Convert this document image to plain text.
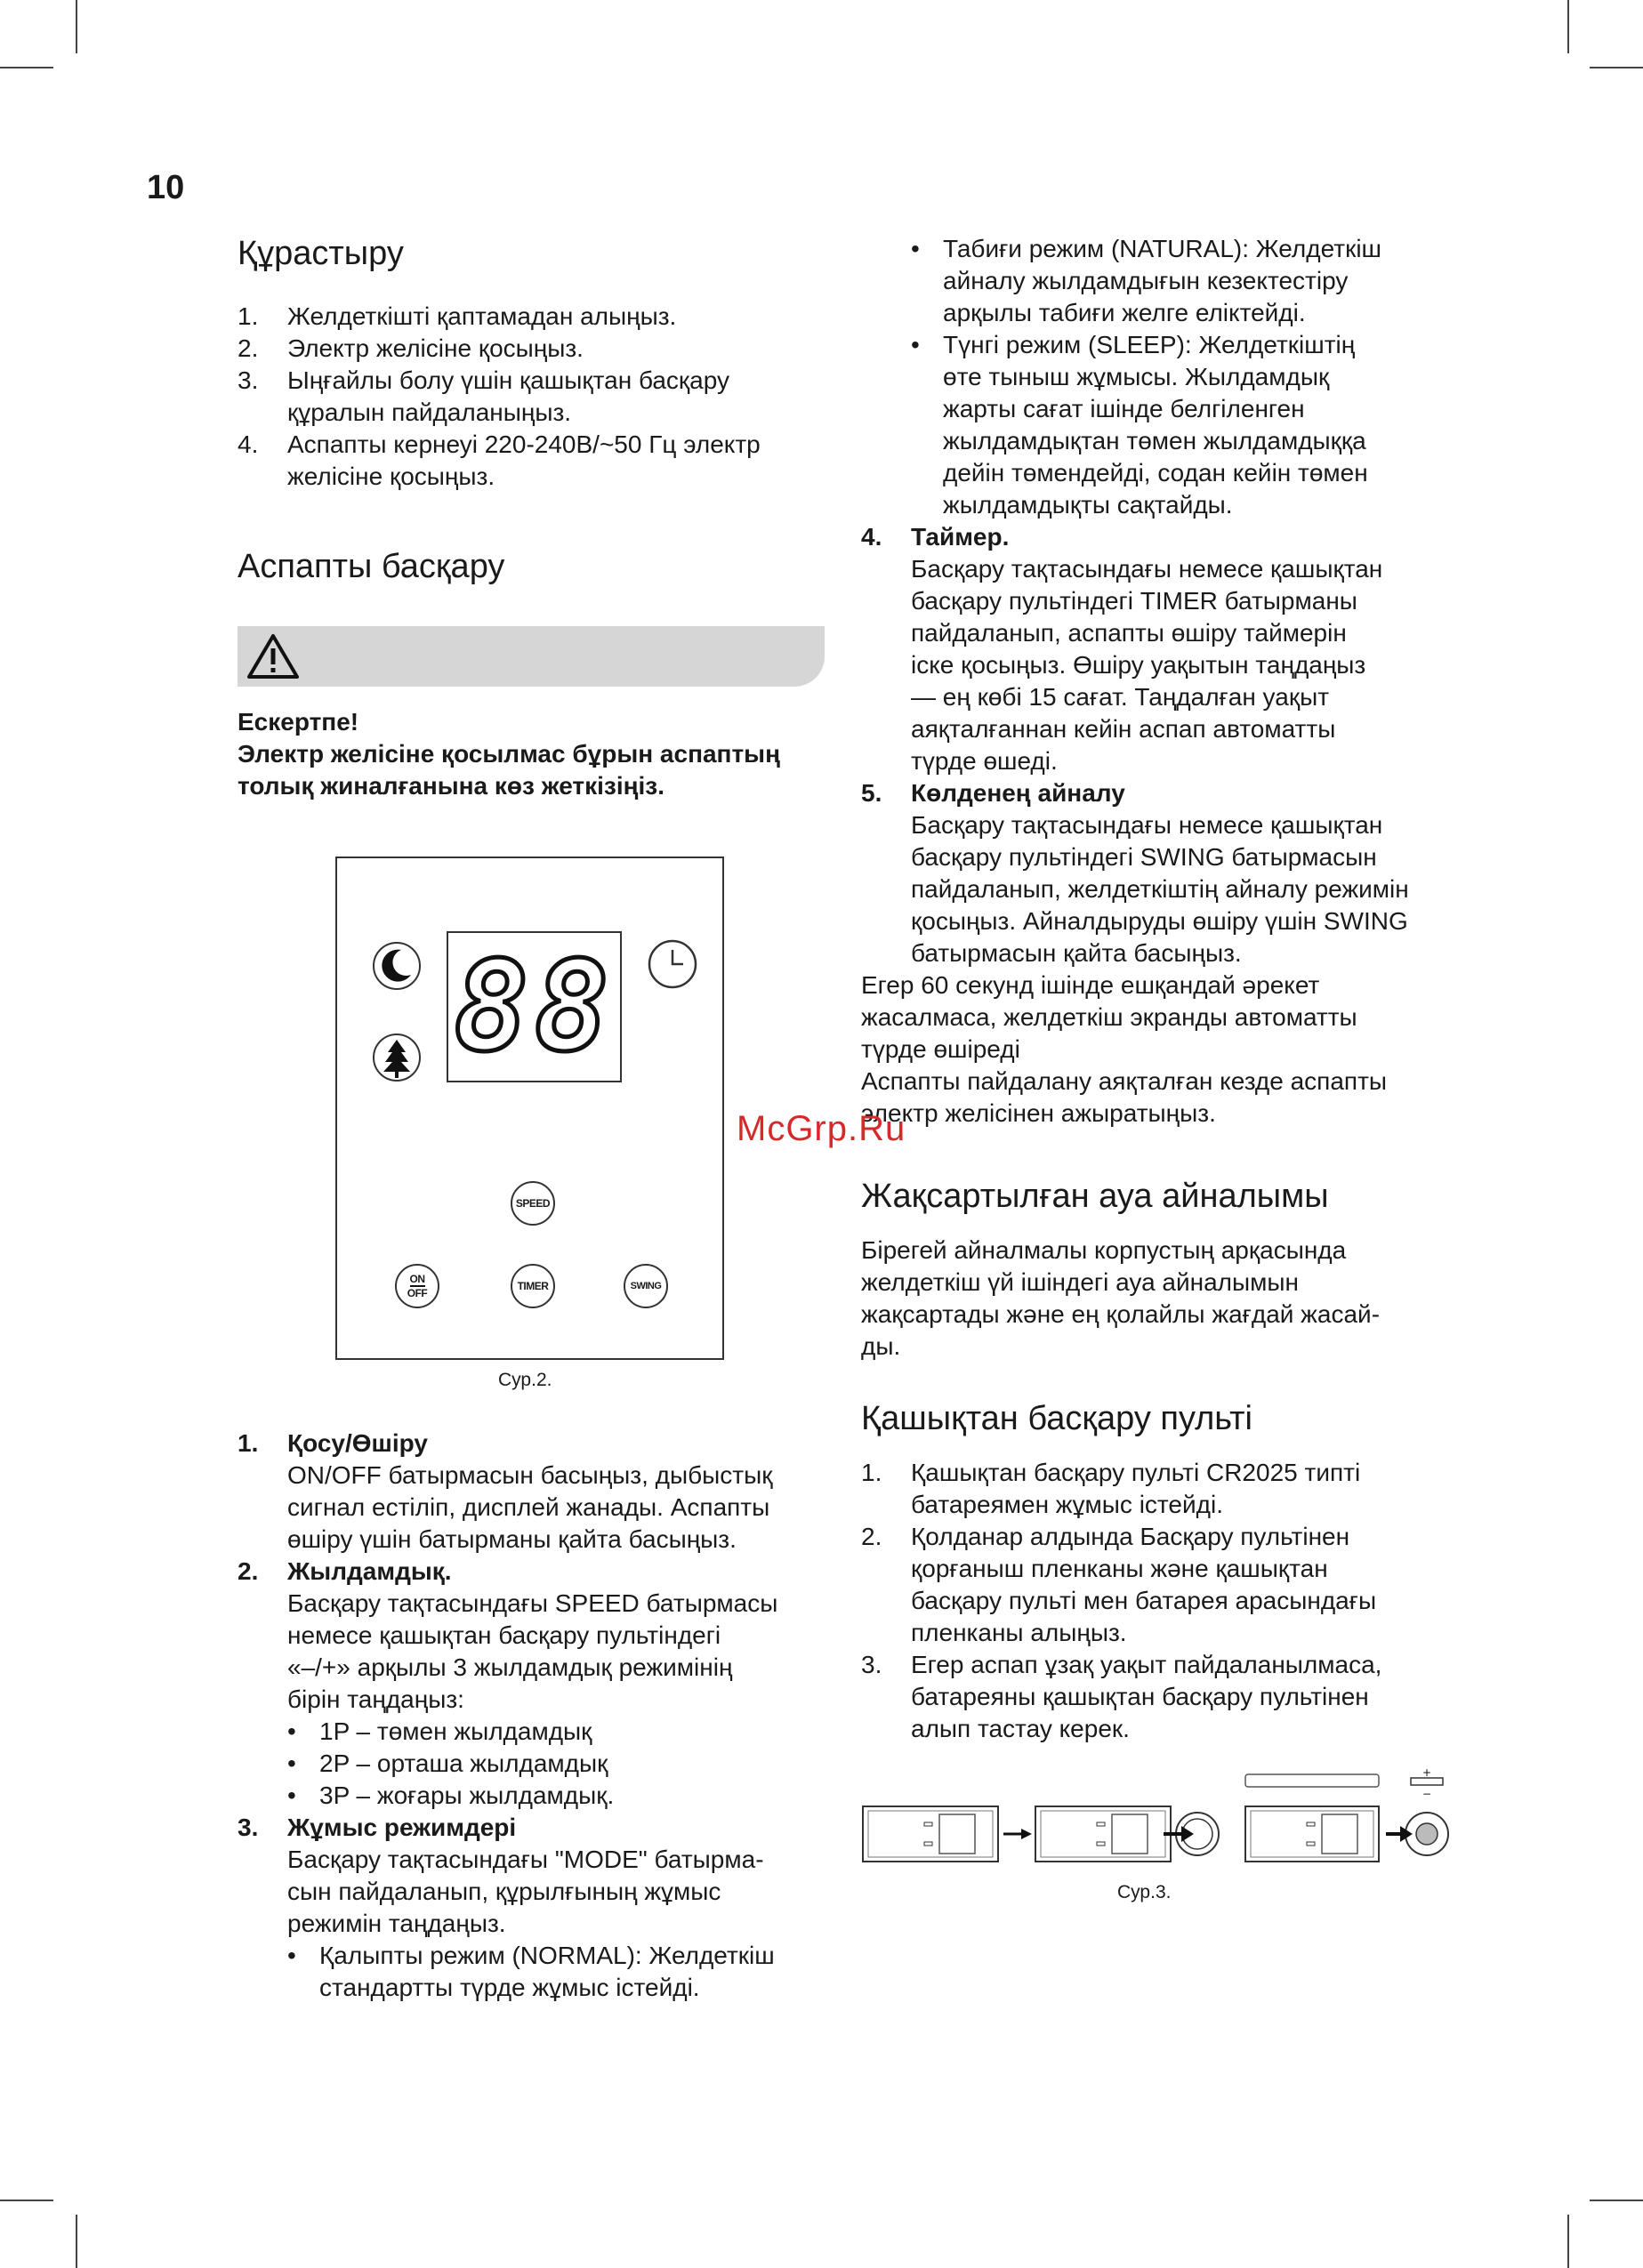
10
Құрастыру
1. Желдеткішті қаптамадан алыңыз.
2. Электр желісіне қосыңыз.
3. Ыңғайлы болу үшін қашықтан басқару
құралын пайдаланыңыз.
4. Аспапты кернеуі 220-240В/~50 Гц электр
желісіне қосыңыз.
Аспапты басқару
Ескертпе!
Электр желісіне қосылмас бұрын аспаптың
толық жиналғанына көз жеткізіңіз.
88
SPEED
ON
OFF
TIMER	SWING
Сур.2.
1. Қосу/Өшіру
ON/OFF батырмасын басыңыз, дыбыстық
сигнал естіліп, дисплей жанады. Аспапты
өшіру үшін батырманы қайта басыңыз.
2. Жылдамдық.
Басқару тақтасындағы SPEED батырмасы
немесе қашықтан басқару пультіндегі
«–/+» арқылы 3 жылдамдық режимінің
бірін таңдаңыз:
• 1P – төмен жылдамдық
• 2P – орташа жылдамдық
• 3P – жоғары жылдамдық.
3. Жұмыс режимдері
Басқару тақтасындағы "MODE" батырма-
сын пайдаланып, құрылғының жұмыс
режимін таңдаңыз.
• Қалыпты режим (NORMAL): Желдеткіш
стандартты түрде жұмыс істейді.
• Табиғи режим (NATURAL): Желдеткіш
айналу жылдамдығын кезектестіру
арқылы табиғи желге еліктейді.
• Түнгі режим (SLEEP): Желдеткіштің
өте тыныш жұмысы. Жылдамдық
жарты сағат ішінде белгіленген
жылдамдықтан төмен жылдамдыққа
дейін төмендейді, содан кейін төмен
жылдамдықты сақтайды.
4. Таймер.
Басқару тақтасындағы немесе қашықтан
басқару пультіндегі TIMER батырманы
пайдаланып, аспапты өшіру таймерін
іске қосыңыз. Өшіру уақытын таңдаңыз
— ең көбі 15 сағат. Таңдалған уақыт
аяқталғаннан кейін аспап автоматты
түрде өшеді.
5. Көлденең айналу
Басқару тақтасындағы немесе қашықтан
басқару пультіндегі SWING батырмасын
пайдаланып, желдеткіштің айналу режимін
қосыңыз. Айналдыруды өшіру үшін SWING
батырмасын қайта басыңыз.
Егер 60 секунд ішінде ешқандай әрекет
жасалмаса, желдеткіш экранды автоматты
түрде өшіреді
Аспапты пайдалану аяқталған кезде аспапты
электр желісінен ажыратыңыз.
Жақсартылған ауа айналымы
Бірегей айналмалы корпустың арқасында
желдеткіш үй ішіндегі ауа айналымын
жақсартады және ең қолайлы жағдай жасай-
ды.
Қашықтан басқару пульті
1. Қашықтан басқару пульті CR2025 типті
батареямен жұмыс істейді.
2. Қолданар алдында Басқару пультінен
қорғаныш пленканы және қашықтан
басқару пульті мен батарея арасындағы
пленканы алыңыз.
3. Егер аспап ұзақ уақыт пайдаланылмаса,
батареяны қашықтан басқару пультінен
алып тастау керек.
McGrp.Ru
+
−
Сур.3.
